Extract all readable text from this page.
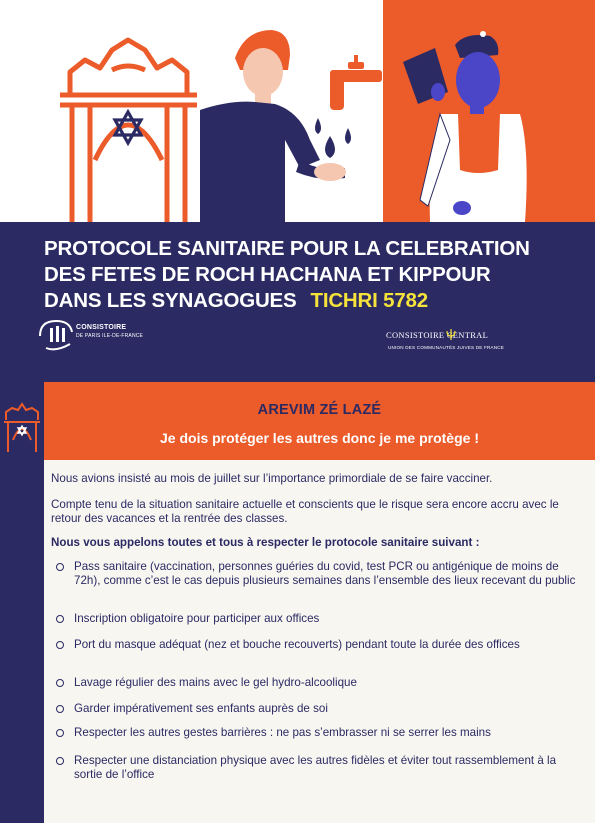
PROTOCOLE SANITAIRE POUR LA CELEBRATION
DES FETES DE ROCH HACHANA ET KIPPOUR
DANS LES SYNAGOGUES TICHRI 5782
CONSISTOIRE
DE PARIS ILE-DE-FRANCE	CONSISTOIRE CENTRAL
UNION DES COMMUNAUTÉS JUIVES DE FRANCE
AREVIM ZÉ LAZÉ
Je dois protéger les autres donc je me protège !
Nous avions insisté au mois de juillet sur l’importance primordiale de se faire vacciner.
Compte tenu de la situation sanitaire actuelle et conscients que le risque sera encore accru avec le retour des vacances et la rentrée des classes.
Nous vous appelons toutes et tous à respecter le protocole sanitaire suivant :
Pass sanitaire (vaccination, personnes guéries du covid, test PCR ou antigénique de moins de 72h), comme c’est le cas depuis plusieurs semaines dans l’ensemble des lieux recevant du public
Inscription obligatoire pour participer aux offices
Port du masque adéquat (nez et bouche recouverts) pendant toute la durée des offices
Lavage régulier des mains avec le gel hydro-alcoolique
Garder impérativement ses enfants auprès de soi
Respecter les autres gestes barrières : ne pas s’embrasser ni se serrer les mains
Respecter une distanciation physique avec les autres fidèles et éviter tout rassemblement à la sortie de l’office
